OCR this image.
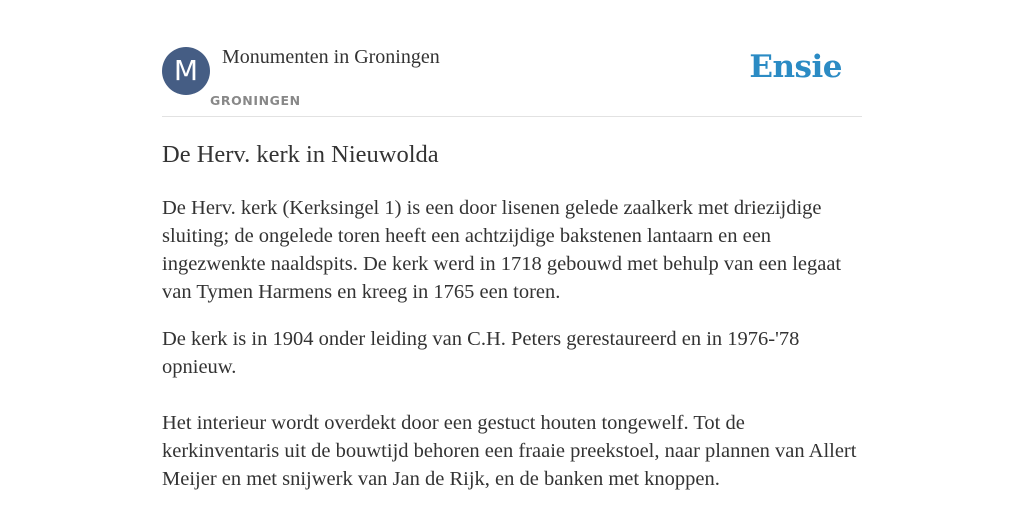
M	Monumenten in Groningen
GRONINGEN
Ensie
De Herv. kerk in Nieuwolda

De Herv. kerk (Kerksingel 1) is een door lisenen gelede zaalkerk met driezijdige sluiting; de ongelede toren heeft een achtzijdige bakstenen lantaarn en een ingezwenkte naaldspits. De kerk werd in 1718 gebouwd met behulp van een legaat van Tymen Harmens en kreeg in 1765 een toren.

De kerk is in 1904 onder leiding van C.H. Peters gerestaureerd en in 1976-'78 opnieuw.

Het interieur wordt overdekt door een gestuct houten tongewelf. Tot de kerkinventaris uit de bouwtijd behoren een fraaie preekstoel, naar plannen van Allert Meijer en met snijwerk van Jan de Rijk, en de banken met knoppen.
